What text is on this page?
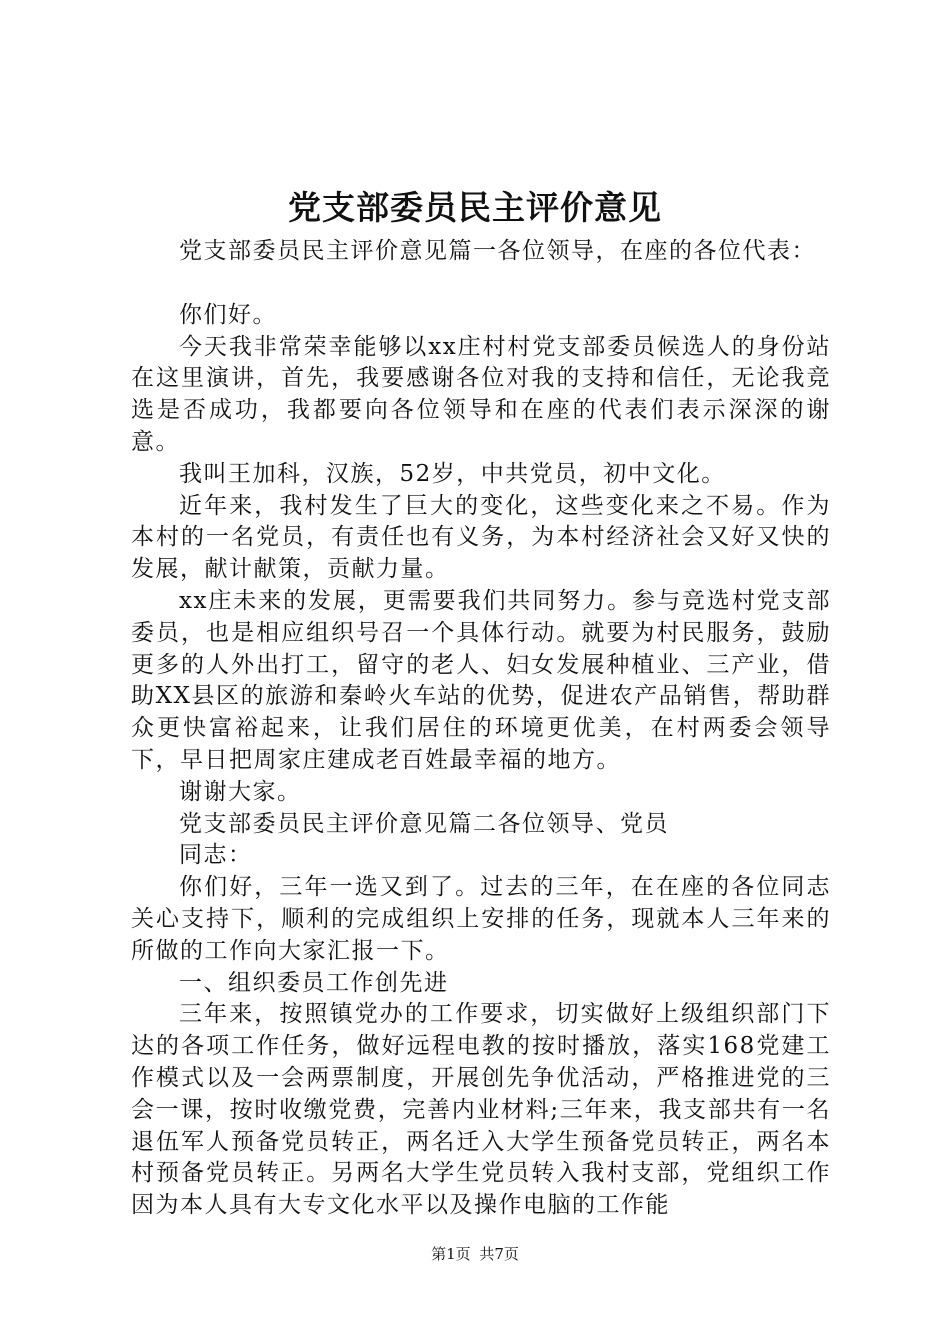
党支部委员民主评价意见

党支部委员民主评价意见篇一各位领导，在座的各位代表：

你们好。

今天我非常荣幸能够以xx庄村村党支部委员候选人的身份站在这里演讲，首先，我要感谢各位对我的支持和信任，无论我竞选是否成功，我都要向各位领导和在座的代表们表示深深的谢意。

我叫王加科，汉族，52岁，中共党员，初中文化。

近年来，我村发生了巨大的变化，这些变化来之不易。作为本村的一名党员，有责任也有义务，为本村经济社会又好又快的发展，献计献策，贡献力量。

xx庄未来的发展，更需要我们共同努力。参与竞选村党支部委员，也是相应组织号召一个具体行动。就要为村民服务，鼓励更多的人外出打工，留守的老人、妇女发展种植业、三产业，借助XX县区的旅游和秦岭火车站的优势，促进农产品销售，帮助群众更快富裕起来，让我们居住的环境更优美，在村两委会领导下，早日把周家庄建成老百姓最幸福的地方。

谢谢大家。

党支部委员民主评价意见篇二各位领导、党员

同志：

你们好，三年一选又到了。过去的三年，在在座的各位同志关心支持下，顺利的完成组织上安排的任务，现就本人三年来的所做的工作向大家汇报一下。

一、组织委员工作创先进

三年来，按照镇党办的工作要求，切实做好上级组织部门下达的各项工作任务，做好远程电教的按时播放，落实168党建工作模式以及一会两票制度，开展创先争优活动，严格推进党的三会一课，按时收缴党费，完善内业材料;三年来，我支部共有一名退伍军人预备党员转正，两名迁入大学生预备党员转正，两名本村预备党员转正。另两名大学生党员转入我村支部，党组织工作因为本人具有大专文化水平以及操作电脑的工作能

第1页 共7页
